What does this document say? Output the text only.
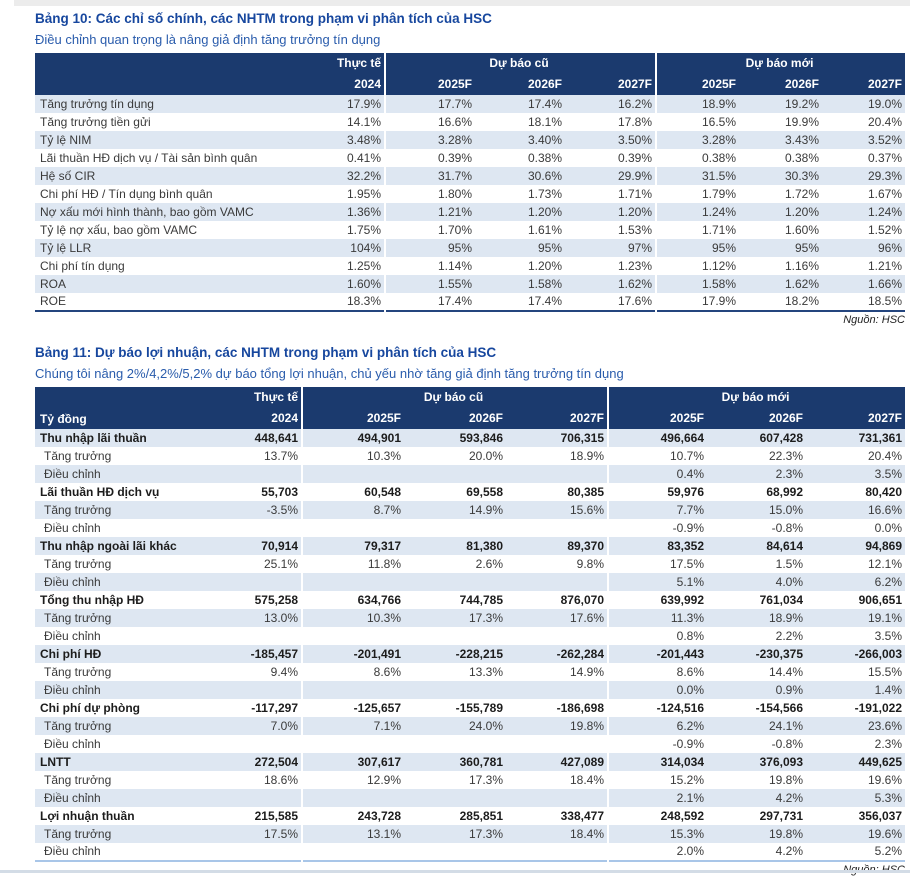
Bảng 10: Các chỉ số chính, các NHTM trong phạm vi phân tích của HSC
Điều chỉnh quan trọng là nâng giả định tăng trưởng tín dụng
	Thực tế	Dự báo cũ			Dự báo mới		
	2024	2025F	2026F	2027F	2025F	2026F	2027F
Tăng trưởng tín dụng	17.9%	17.7%	17.4%	16.2%	18.9%	19.2%	19.0%
Tăng trưởng tiền gửi	14.1%	16.6%	18.1%	17.8%	16.5%	19.9%	20.4%
Tỷ lệ NIM	3.48%	3.28%	3.40%	3.50%	3.28%	3.43%	3.52%
Lãi thuần HĐ dịch vụ / Tài sản bình quân	0.41%	0.39%	0.38%	0.39%	0.38%	0.38%	0.37%
Hệ số CIR	32.2%	31.7%	30.6%	29.9%	31.5%	30.3%	29.3%
Chi phí HĐ / Tín dụng bình quân	1.95%	1.80%	1.73%	1.71%	1.79%	1.72%	1.67%
Nợ xấu mới hình thành, bao gồm VAMC	1.36%	1.21%	1.20%	1.20%	1.24%	1.20%	1.24%
Tỷ lệ nợ xấu, bao gồm VAMC	1.75%	1.70%	1.61%	1.53%	1.71%	1.60%	1.52%
Tỷ lệ LLR	104%	95%	95%	97%	95%	95%	96%
Chi phí tín dụng	1.25%	1.14%	1.20%	1.23%	1.12%	1.16%	1.21%
ROA	1.60%	1.55%	1.58%	1.62%	1.58%	1.62%	1.66%
ROE	18.3%	17.4%	17.4%	17.6%	17.9%	18.2%	18.5%
Nguồn: HSC
Bảng 11: Dự báo lợi nhuận, các NHTM trong phạm vi phân tích của HSC
Chúng tôi nâng 2%/4,2%/5,2% dự báo tổng lợi nhuận, chủ yếu nhờ tăng giả định tăng trưởng tín dụng
Tỷ đồng	Thực tế	Dự báo cũ			Dự báo mới		
	2024	2025F	2026F	2027F	2025F	2026F	2027F
Thu nhập lãi thuần	448,641	494,901	593,846	706,315	496,664	607,428	731,361
Tăng trưởng	13.7%	10.3%	20.0%	18.9%	10.7%	22.3%	20.4%
Điều chỉnh					0.4%	2.3%	3.5%
Lãi thuần HĐ dịch vụ	55,703	60,548	69,558	80,385	59,976	68,992	80,420
Tăng trưởng	-3.5%	8.7%	14.9%	15.6%	7.7%	15.0%	16.6%
Điều chỉnh					-0.9%	-0.8%	0.0%
Thu nhập ngoài lãi khác	70,914	79,317	81,380	89,370	83,352	84,614	94,869
Tăng trưởng	25.1%	11.8%	2.6%	9.8%	17.5%	1.5%	12.1%
Điều chỉnh					5.1%	4.0%	6.2%
Tổng thu nhập HĐ	575,258	634,766	744,785	876,070	639,992	761,034	906,651
Tăng trưởng	13.0%	10.3%	17.3%	17.6%	11.3%	18.9%	19.1%
Điều chỉnh					0.8%	2.2%	3.5%
Chi phí HĐ	-185,457	-201,491	-228,215	-262,284	-201,443	-230,375	-266,003
Tăng trưởng	9.4%	8.6%	13.3%	14.9%	8.6%	14.4%	15.5%
Điều chỉnh					0.0%	0.9%	1.4%
Chi phí dự phòng	-117,297	-125,657	-155,789	-186,698	-124,516	-154,566	-191,022
Tăng trưởng	7.0%	7.1%	24.0%	19.8%	6.2%	24.1%	23.6%
Điều chỉnh					-0.9%	-0.8%	2.3%
LNTT	272,504	307,617	360,781	427,089	314,034	376,093	449,625
Tăng trưởng	18.6%	12.9%	17.3%	18.4%	15.2%	19.8%	19.6%
Điều chỉnh					2.1%	4.2%	5.3%
Lợi nhuận thuần	215,585	243,728	285,851	338,477	248,592	297,731	356,037
Tăng trưởng	17.5%	13.1%	17.3%	18.4%	15.3%	19.8%	19.6%
Điều chỉnh					2.0%	4.2%	5.2%
